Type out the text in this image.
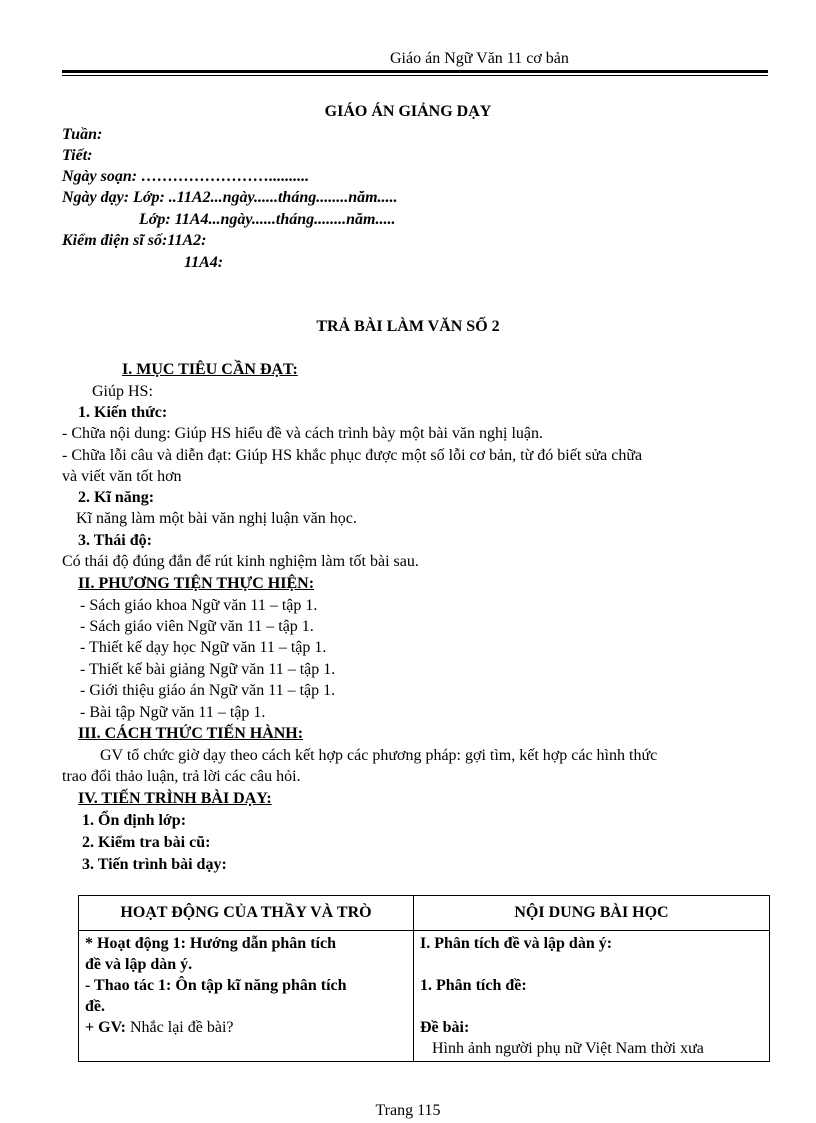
Giáo án Ngữ Văn 11 cơ bản
GIÁO ÁN GIẢNG DẠY
Tuần:
Tiết:
Ngày soạn: ……………………..........
Ngày dạy: Lớp: ..11A2...ngày......tháng........năm.....
Lớp: 11A4...ngày......tháng........năm.....
Kiểm điện sĩ số:11A2:
11A4:
TRẢ BÀI LÀM VĂN SỐ 2
I. MỤC TIÊU CẦN ĐẠT:
Giúp HS:
1. Kiến thức:
- Chữa nội dung: Giúp HS hiểu đề và cách trình bày một bài văn nghị luận.
- Chữa lỗi câu và diễn đạt: Giúp HS khắc phục được một số lỗi cơ bản, từ đó biết sửa chữa
và viết văn tốt hơn
2. Kĩ năng:
Kĩ năng làm một bài văn nghị luận văn học.
3. Thái độ:
Có thái độ đúng đắn để rút kinh nghiệm làm tốt bài sau.
II. PHƯƠNG TIỆN THỰC HIỆN:
- Sách giáo khoa Ngữ văn 11 – tập 1.
- Sách giáo viên Ngữ văn 11 – tập 1.
- Thiết kế dạy học Ngữ văn 11 – tập 1.
- Thiết kế bài giảng Ngữ văn 11 – tập 1.
- Giới thiệu giáo án Ngữ văn 11 – tập 1.
- Bài tập Ngữ văn 11 – tập 1.
III. CÁCH THỨC TIẾN HÀNH:
GV tổ chức giờ dạy theo cách kết hợp các phương pháp: gợi tìm, kết hợp các hình thức
trao đổi thảo luận, trả lời các câu hỏi.
IV. TIẾN TRÌNH BÀI DẠY:
1. Ổn định lớp:
2. Kiểm tra bài cũ:
3. Tiến trình bài dạy:
HOẠT ĐỘNG CỦA THẦY VÀ TRÒ	NỘI DUNG BÀI HỌC

* Hoạt động 1: Hướng dẫn phân tích
đề và lập dàn ý.
- Thao tác 1: Ôn tập kĩ năng phân tích
đề.
+ GV: Nhắc lại đề bài?	I. Phân tích đề và lập dàn ý:

1. Phân tích đề:

Đề bài:
Hình ảnh người phụ nữ Việt Nam thời xưa
Trang 115
